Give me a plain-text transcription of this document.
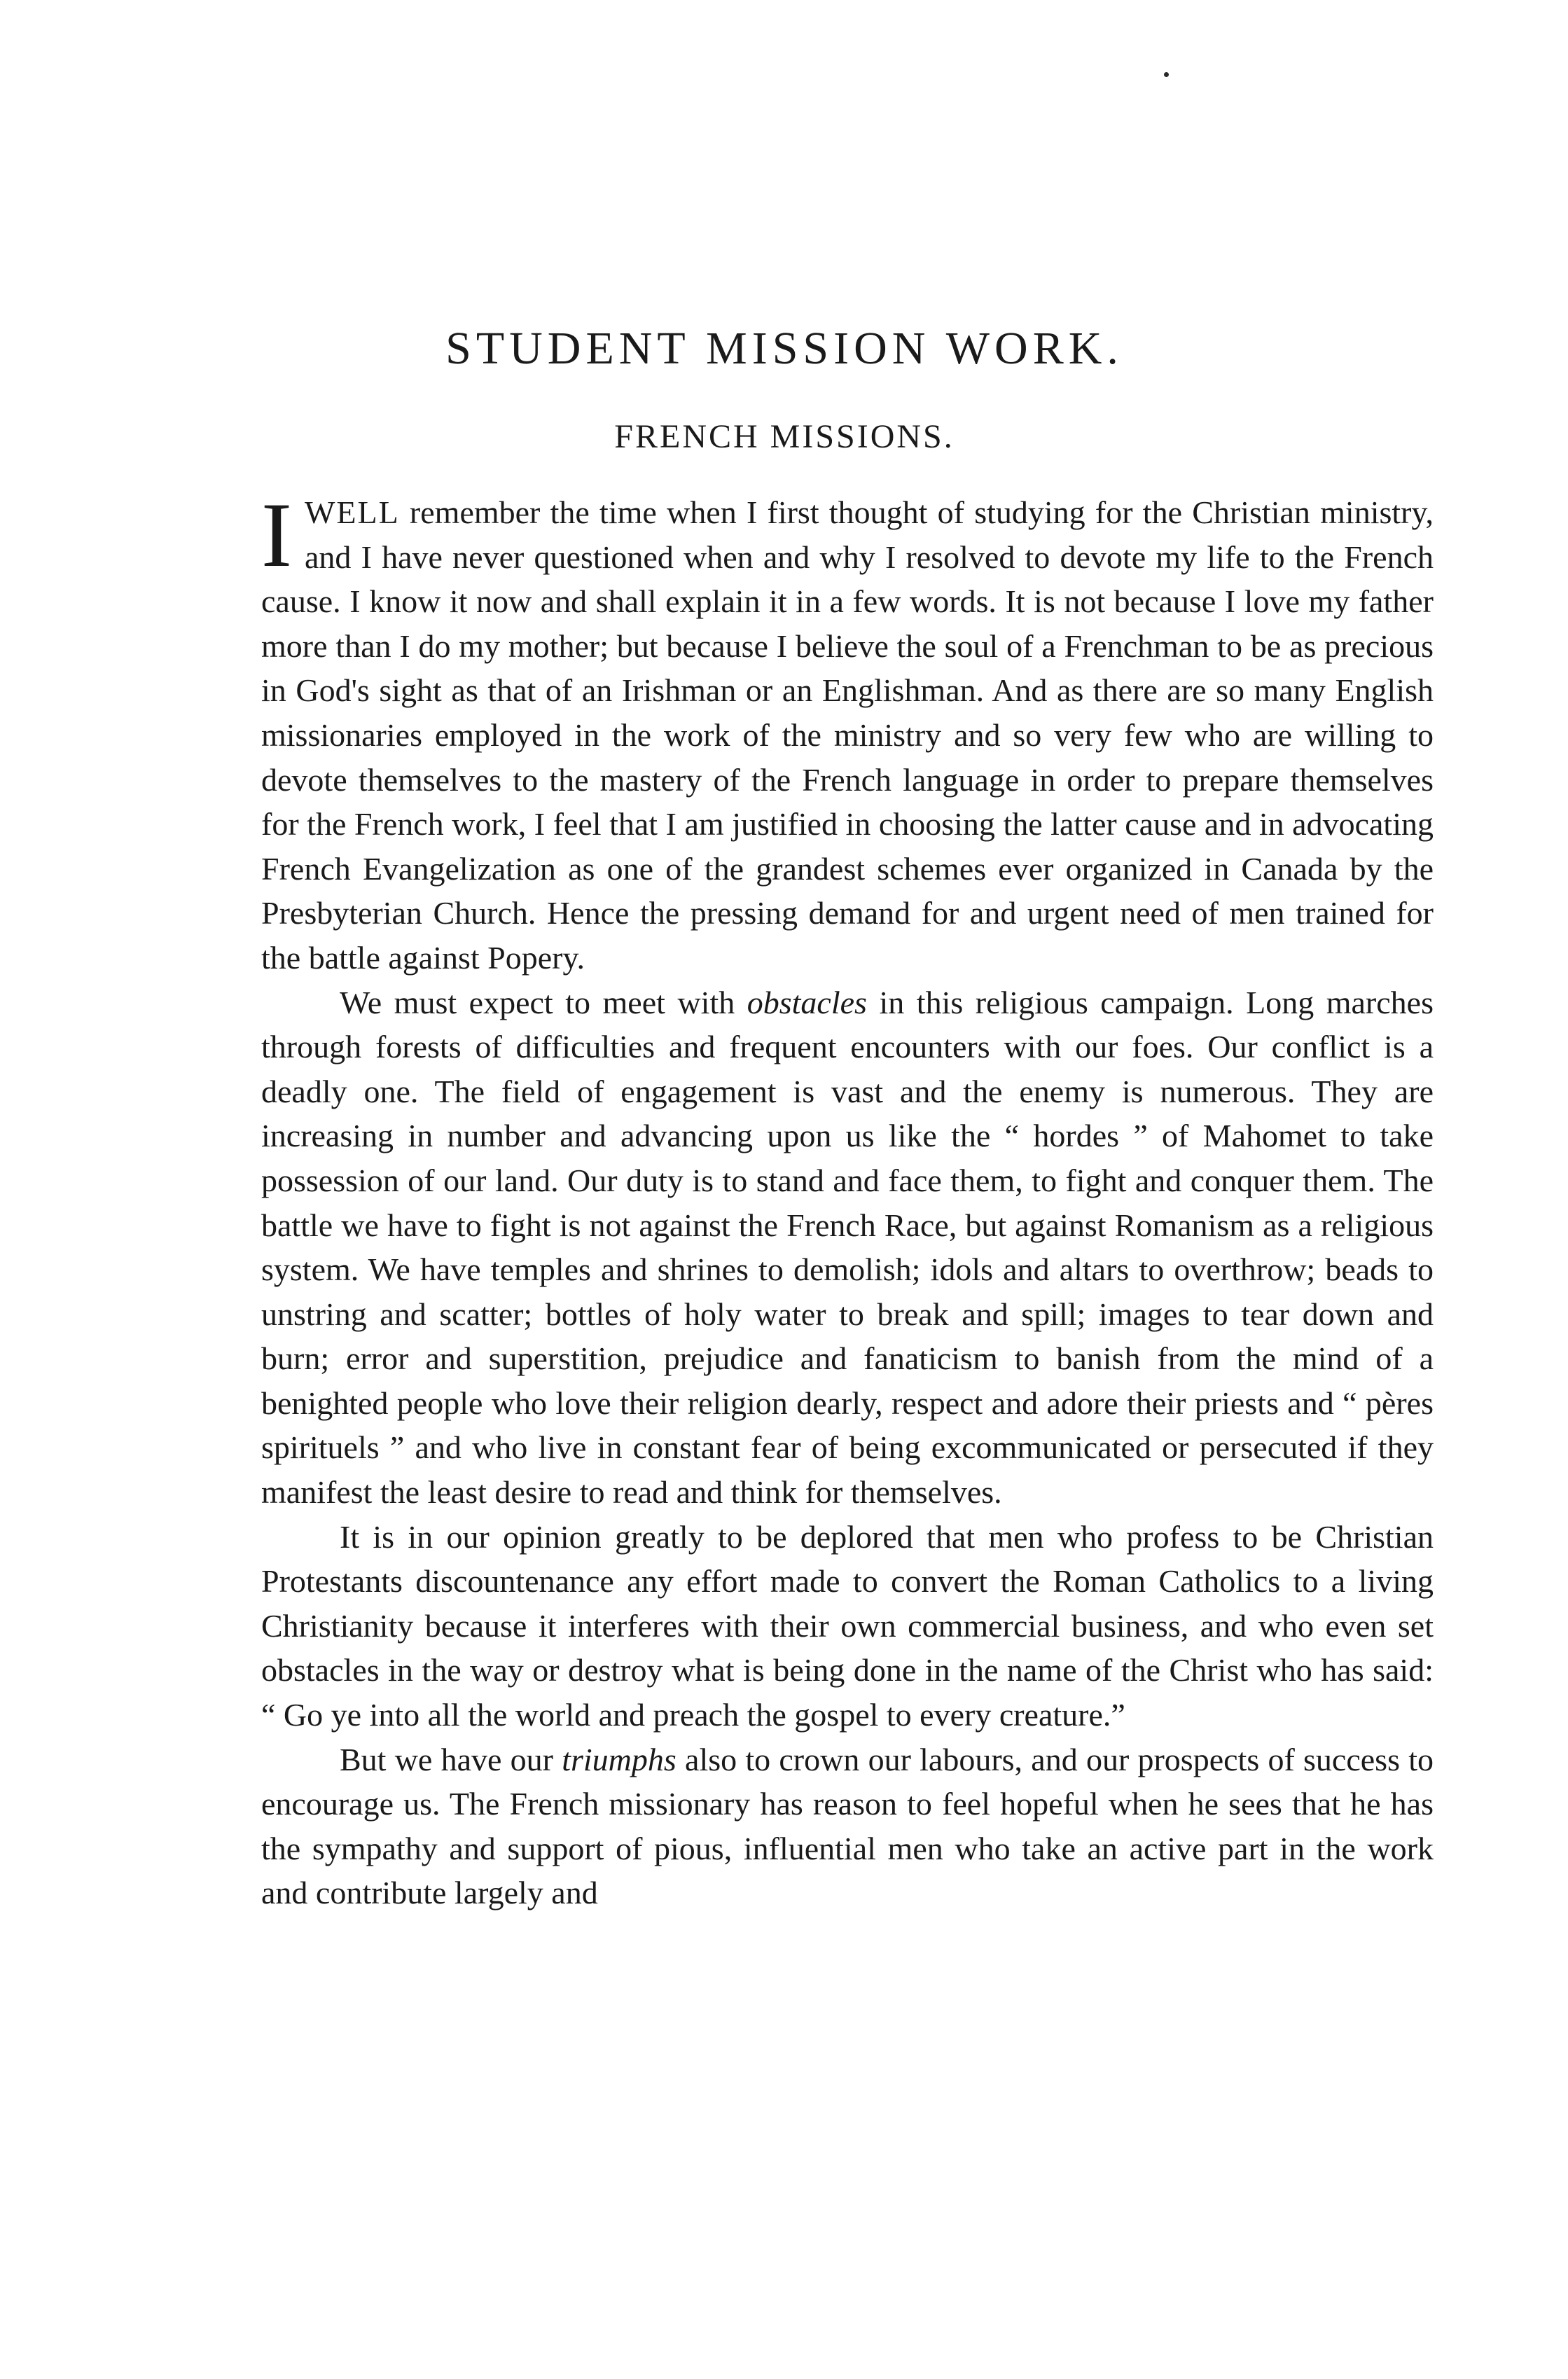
STUDENT MISSION WORK.
FRENCH MISSIONS.

IWELL remember the time when I first thought of studying for the Christian ministry, and I have never questioned when and why I resolved to devote my life to the French cause. I know it now and shall explain it in a few words. It is not because I love my father more than I do my mother; but because I believe the soul of a Frenchman to be as precious in God's sight as that of an Irishman or an Englishman. And as there are so many English missionaries employed in the work of the ministry and so very few who are willing to devote themselves to the mastery of the French language in order to prepare themselves for the French work, I feel that I am justified in choosing the latter cause and in advocating French Evangelization as one of the grandest schemes ever organized in Canada by the Presbyterian Church. Hence the pressing demand for and urgent need of men trained for the battle against Popery.

We must expect to meet with obstacles in this religious campaign. Long marches through forests of difficulties and frequent encounters with our foes. Our conflict is a deadly one. The field of engagement is vast and the enemy is numerous. They are increasing in number and advancing upon us like the “ hordes ” of Mahomet to take possession of our land. Our duty is to stand and face them, to fight and conquer them. The battle we have to fight is not against the French Race, but against Romanism as a religious system. We have temples and shrines to demolish; idols and altars to overthrow; beads to unstring and scatter; bottles of holy water to break and spill; images to tear down and burn; error and superstition, prejudice and fanaticism to banish from the mind of a benighted people who love their religion dearly, respect and adore their priests and “ pères spirituels ” and who live in constant fear of being excommunicated or persecuted if they manifest the least desire to read and think for themselves.

It is in our opinion greatly to be deplored that men who profess to be Christian Protestants discountenance any effort made to convert the Roman Catholics to a living Christianity because it interferes with their own commercial business, and who even set obstacles in the way or destroy what is being done in the name of the Christ who has said: “ Go ye into all the world and preach the gospel to every creature.”

But we have our triumphs also to crown our labours, and our prospects of success to encourage us. The French missionary has reason to feel hopeful when he sees that he has the sympathy and support of pious, influential men who take an active part in the work and contribute largely and
